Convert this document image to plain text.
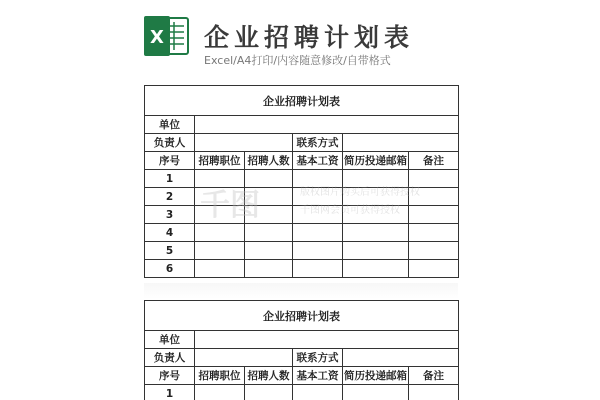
X 企业招聘计划表
Excel/A4打印/内容随意修改/自带格式
企业招聘计划表					
单位					
负责人			联系方式		
序号	招聘职位	招聘人数	基本工资	简历投递邮箱	备注
1					
2					
3					
4					
5					
6					
千图	版权图片购买后可获得授权
千图网会员可获得授权
企业招聘计划表					
单位					
负责人			联系方式		
序号	招聘职位	招聘人数	基本工资	简历投递邮箱	备注
1					
